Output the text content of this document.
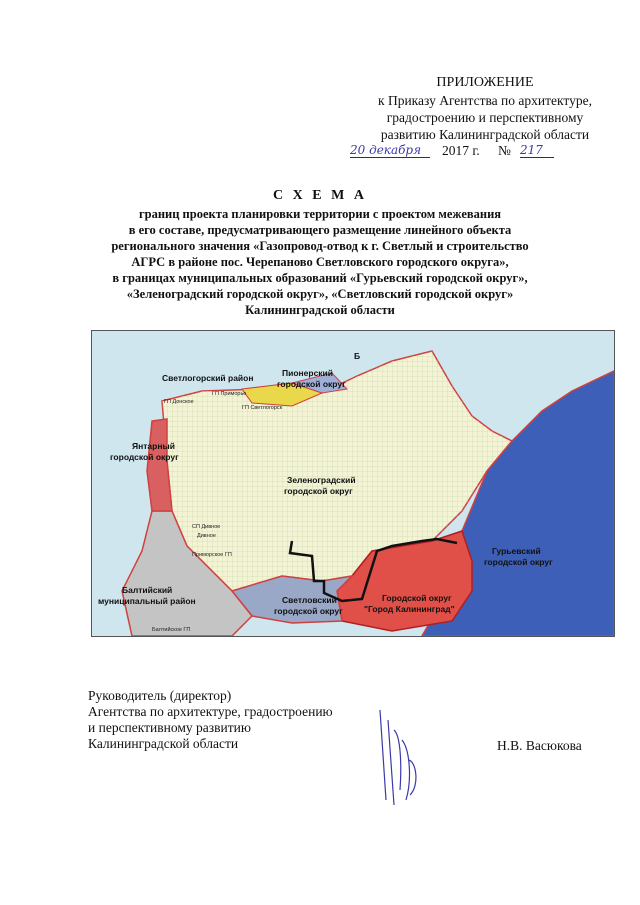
ПРИЛОЖЕНИЕ
к Приказу Агентства по архитектуре,
градостроению и перспективному
развитию Калининградской области
20 декабря	2017 г. № 217
С Х Е М А
границ проекта планировки территории с проектом межевания
в его составе, предусматривающего размещение линейного объекта
регионального значения «Газопровод-отвод к г. Светлый и строительство
АГРС в районе пос. Черепаново Светловского городского округа»,
в границах муниципальных образований «Гурьевский городской округ»,
«Зеленоградский городской округ», «Светловский городской округ»
Калининградской области
Светлогорский район	Пионерский
городской округ
Янтарный
городской округ
Зеленоградский
городской округ
Гурьевский
городской округ
Светловский
городской округ
Городской округ
"Город Калининград"
Балтийский
муниципальный район
ГП Донское
ГП Приморье
ГП Светлогорск
СП Дивное
Дивное
Приморское ГП
Балтийское ГП
Б
Руководитель (директор)
Агентства по архитектуре, градостроению
и перспективному развитию
Калининградской области	Н.В. Васюкова
